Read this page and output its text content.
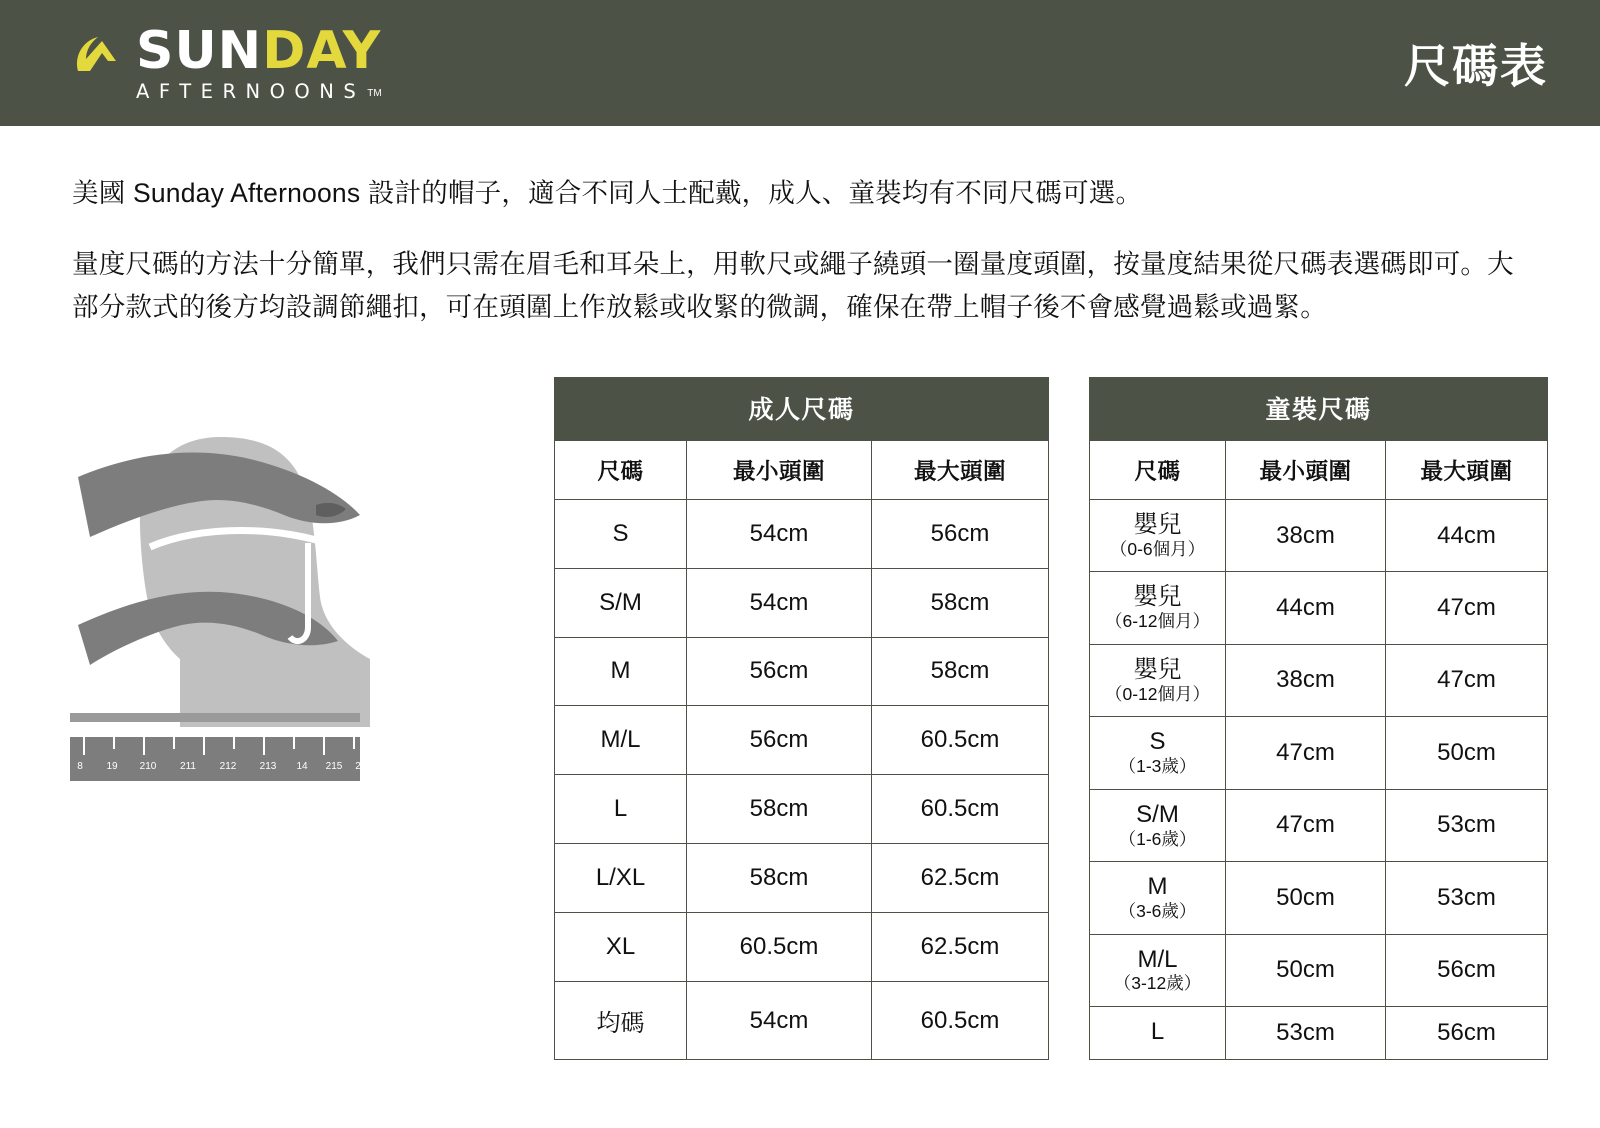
SUNDAY
AFTERNOONS TM
尺碼表

美國 Sunday Afternoons 設計的帽子，適合不同人士配戴，成人、童裝均有不同尺碼可選。

量度尺碼的方法十分簡單，我們只需在眉毛和耳朵上，用軟尺或繩子繞頭一圈量度頭圍，按量度結果從尺碼表選碼即可。大部分款式的後方均設調節繩扣，可在頭圍上作放鬆或收緊的微調，確保在帶上帽子後不會感覺過鬆或過緊。

8 19 210 211 212 213 14 215 2
成人尺碼
尺碼	最小頭圍	最大頭圍
S	54cm	56cm
S/M	54cm	58cm
M	56cm	58cm
M/L	56cm	60.5cm
L	58cm	60.5cm
L/XL	58cm	62.5cm
XL	60.5cm	62.5cm
均碼	54cm	60.5cm
童裝尺碼
尺碼	最小頭圍	最大頭圍
嬰兒
（0-6個月）	38cm	44cm
嬰兒
（6-12個月）	44cm	47cm
嬰兒
（0-12個月）	38cm	47cm
S
（1-3歲）	47cm	50cm
S/M
（1-6歲）	47cm	53cm
M
（3-6歲）	50cm	53cm
M/L
（3-12歲）	50cm	56cm
L	53cm	56cm
